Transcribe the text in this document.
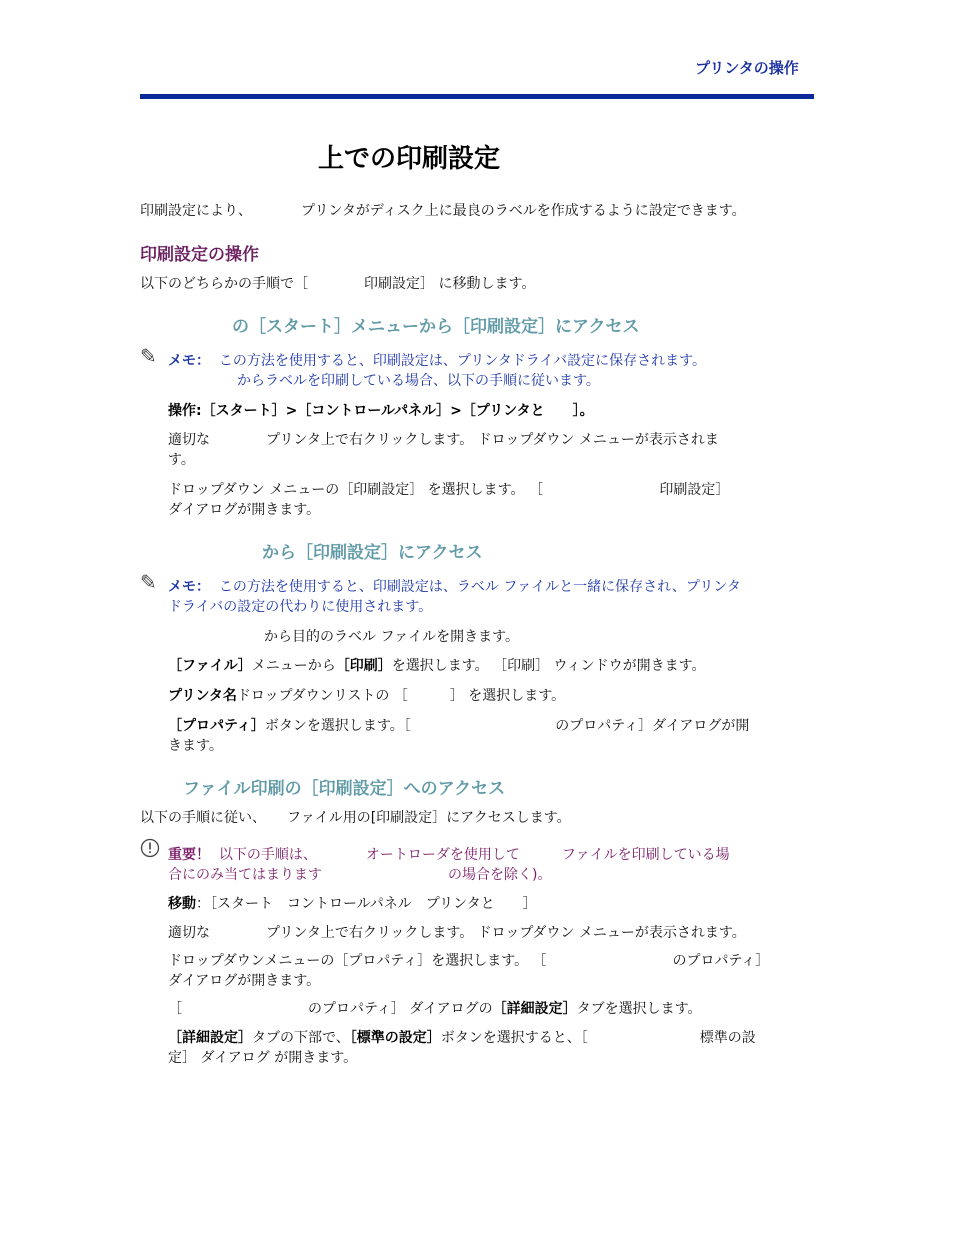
プリンタの操作
上での印刷設定
印刷設定により、　　　　プリンタがディスク上に最良のラベルを作成するように設定できます。
印刷設定の操作
以下のどちらかの手順で［　　　　印刷設定］ に移動します。
の［スタート］メニューから［印刷設定］にアクセス
✎ メモ： この方法を使用すると、印刷設定は、プリンタドライバ設定に保存されます。
からラベルを印刷している場合、以下の手順に従います。
操作:［スタート］>［コントロールパネル］>［プリンタと　　］。
適切な　　　　プリンタ上で右クリックします。 ドロップダウン メニューが表示されま
す。
ドロップダウン メニューの［印刷設定］ を選択します。 ［　　　　　　　　 印刷設定］
ダイアログが開きます。
から［印刷設定］にアクセス
✎ メモ： この方法を使用すると、印刷設定は、ラベル ファイルと一緒に保存され、プリンタ
ドライバの設定の代わりに使用されます。
から目的のラベル ファイルを開きます。
［ファイル］メニューから［印刷］を選択します。 ［印刷］ ウィンドウが開きます。
プリンタ名ドロップダウンリストの ［　　　］ を選択します。
［プロパティ］ボタンを選択します。［　　　　　　　　　　 のプロパティ］ダイアログが開
きます。
ファイル印刷の［印刷設定］へのアクセス
以下の手順に従い、　　ファイル用の[印刷設定］にアクセスします。
重要！ 以下の手順は、　　　　オートローダを使用して　　　ファイルを印刷している場
合にのみ当てはまります　　　　　　　　　の場合を除く)。
移動：［スタート　コントロールパネル　プリンタと　　］
適切な　　　　プリンタ上で右クリックします。 ドロップダウン メニューが表示されます。
ドロップダウンメニューの［プロパティ］を選択します。 ［　　　　　　　　　のプロパティ］
ダイアログが開きます。
［　　　　　　　　　のプロパティ］ ダイアログの［詳細設定］タブを選択します。
［詳細設定］タブの下部で、［標準の設定］ボタンを選択すると、［　　　　　　　　標準の設
定］ ダイアログ が開きます。
